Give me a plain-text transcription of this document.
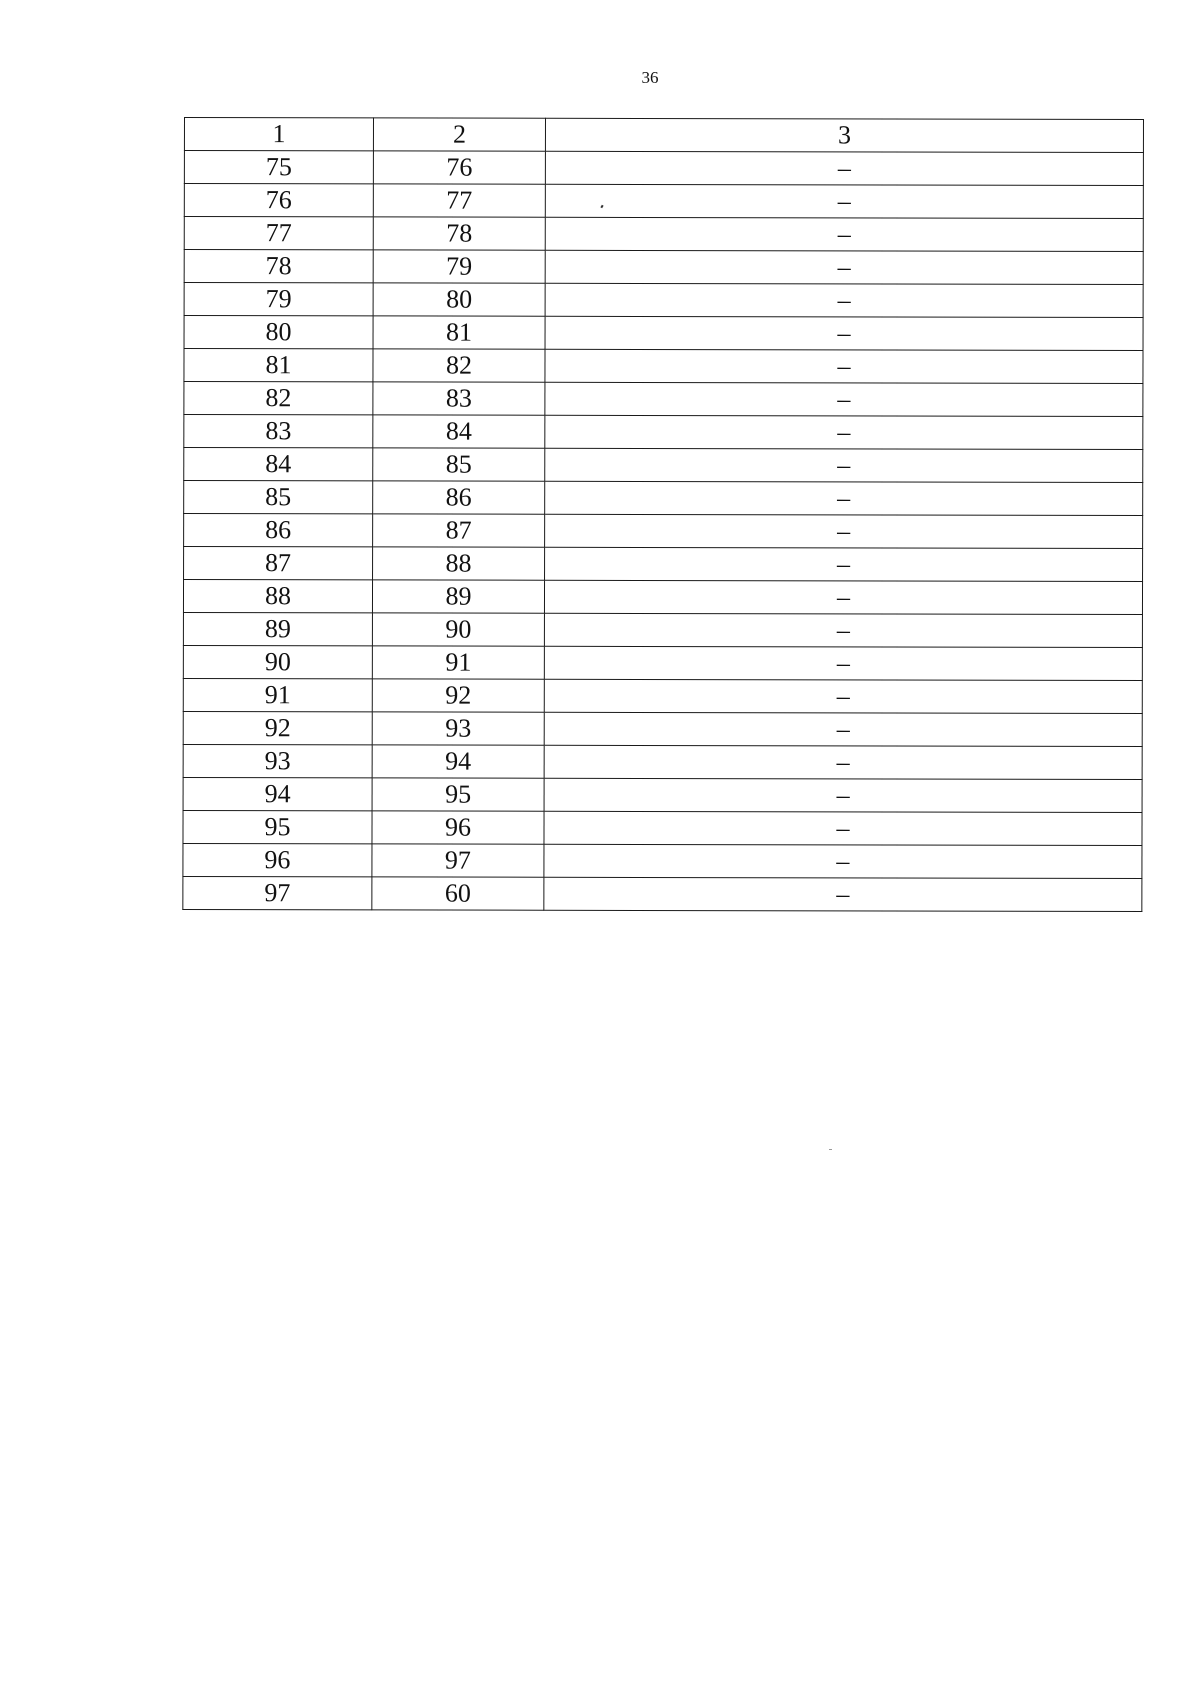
36
1	2	3
75	76	–
76	77	–
77	78	–
78	79	–
79	80	–
80	81	–
81	82	–
82	83	–
83	84	–
84	85	–
85	86	–
86	87	–
87	88	–
88	89	–
89	90	–
90	91	–
91	92	–
92	93	–
93	94	–
94	95	–
95	96	–
96	97	–
97	60	–
